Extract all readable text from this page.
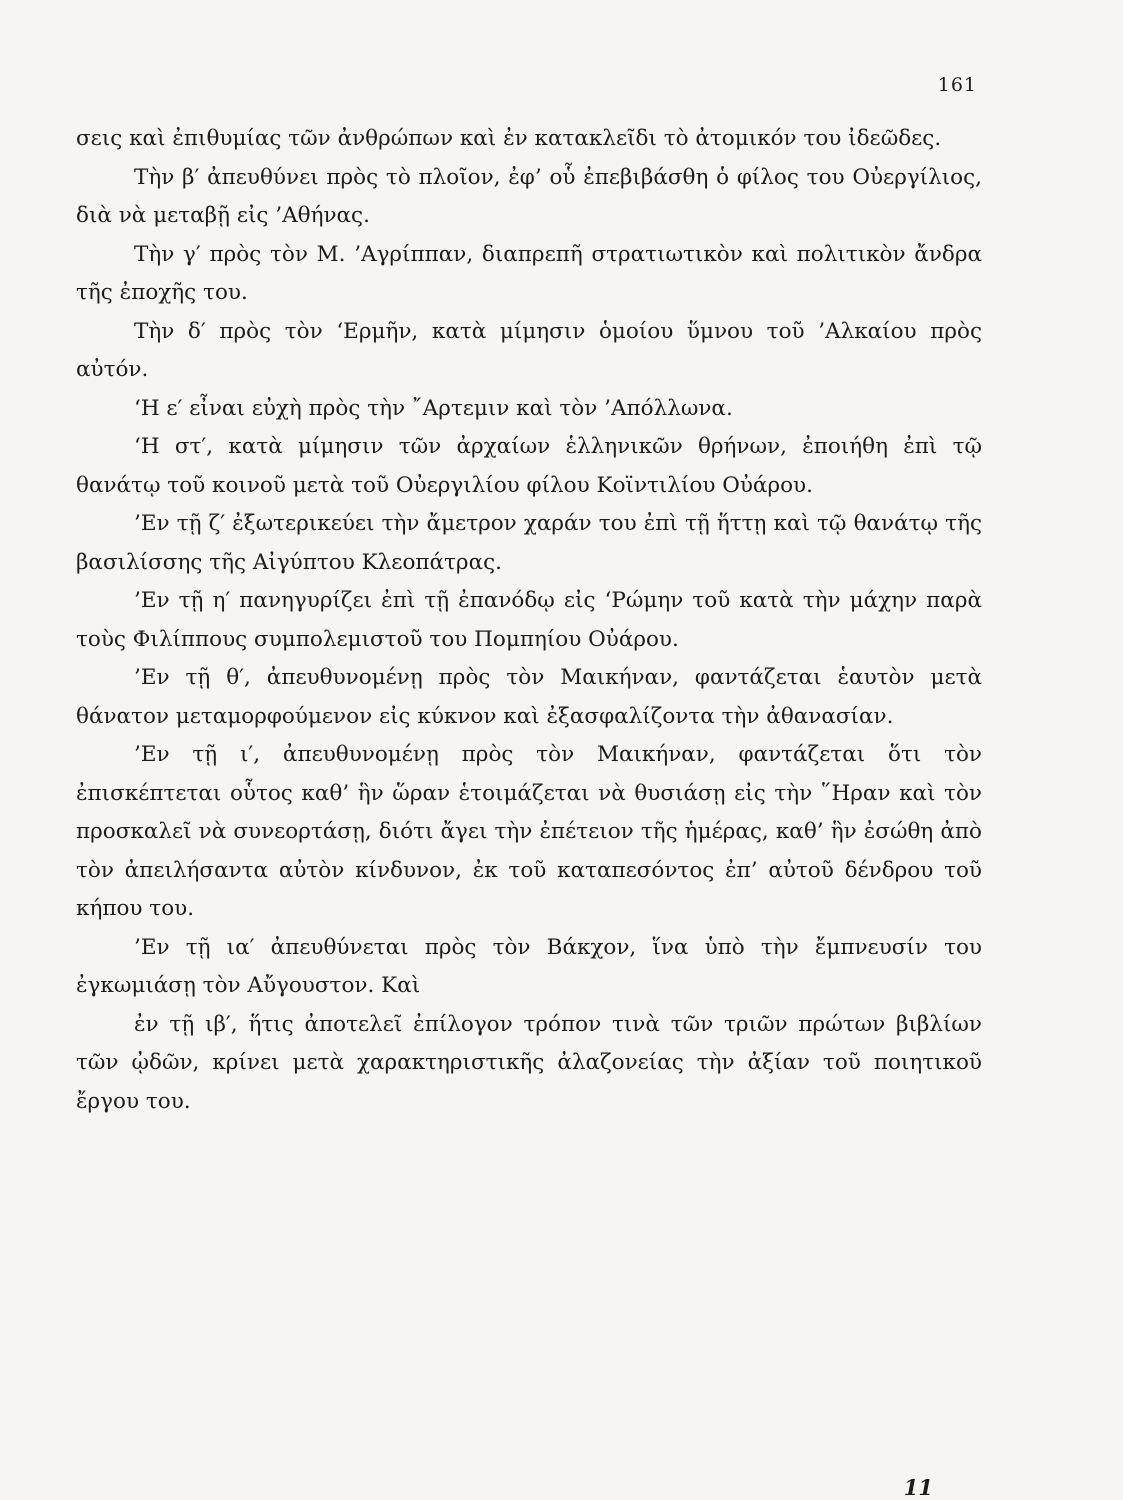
161

σεις καὶ ἐπιθυμίας τῶν ἀνθρώπων καὶ ἐν κατακλεῖδι τὸ ἀτομικόν του ἰδεῶδες.

Τὴν β′ ἀπευθύνει πρὸς τὸ πλοῖον, ἐφ’ οὗ ἐπεβιβάσθη ὁ φίλος του Οὐεργίλιος, διὰ νὰ μεταβῇ εἰς ’Αθήνας.

Τὴν γ′ πρὸς τὸν Μ. ’Αγρίππαν, διαπρεπῆ στρατιωτικὸν καὶ πολιτικὸν ἄνδρα τῆς ἐποχῆς του.

Τὴν δ′ πρὸς τὸν ‘Ερμῆν, κατὰ μίμησιν ὁμοίου ὕμνου τοῦ ’Αλκαίου πρὸς αὐτόν.

‘Η ε′ εἶναι εὐχὴ πρὸς τὴν ῎Αρτεμιν καὶ τὸν ’Απόλλωνα.

‘Η στ′, κατὰ μίμησιν τῶν ἀρχαίων ἑλληνικῶν θρήνων, ἐποιήθη ἐπὶ τῷ θανάτῳ τοῦ κοινοῦ μετὰ τοῦ Οὐεργιλίου φίλου Κοϊντιλίου Οὐάρου.

’Εν τῇ ζ′ ἐξωτερικεύει τὴν ἄμετρον χαράν του ἐπὶ τῇ ἥττῃ καὶ τῷ θανάτῳ τῆς βασιλίσσης τῆς Αἰγύπτου Κλεοπάτρας.

’Εν τῇ η′ πανηγυρίζει ἐπὶ τῇ ἐπανόδῳ εἰς ‘Ρώμην τοῦ κατὰ τὴν μάχην παρὰ τοὺς Φιλίππους συμπολεμιστοῦ του Πομπηίου Οὐάρου.

’Εν τῇ θ′, ἀπευθυνομένῃ πρὸς τὸν Μαικήναν, φαντάζεται ἑαυτὸν μετὰ θάνατον μεταμορφούμενον εἰς κύκνον καὶ ἐξασφαλίζοντα τὴν ἀθανασίαν.

’Εν τῇ ι′, ἀπευθυνομένῃ πρὸς τὸν Μαικήναν, φαντάζεται ὅτι τὸν ἐπισκέπτεται οὗτος καθ’ ἣν ὥραν ἑτοιμάζεται νὰ θυσιάσῃ εἰς τὴν ῞Ηραν καὶ τὸν προσκαλεῖ νὰ συνεορτάσῃ, διότι ἄγει τὴν ἐπέτειον τῆς ἡμέρας, καθ’ ἣν ἐσώθη ἀπὸ τὸν ἀπειλήσαντα αὐτὸν κίνδυνον, ἐκ τοῦ καταπεσόντος ἐπ’ αὐτοῦ δένδρου τοῦ κήπου του.

’Εν τῇ ια′ ἀπευθύνεται πρὸς τὸν Βάκχον, ἵνα ὑπὸ τὴν ἔμπνευσίν του ἐγκωμιάσῃ τὸν Αὔγουστον. Καὶ

ἐν τῇ ιβ′, ἥτις ἀποτελεῖ ἐπίλογον τρόπον τινὰ τῶν τριῶν πρώτων βιβλίων τῶν ᾠδῶν, κρίνει μετὰ χαρακτηριστικῆς ἀλαζονείας τὴν ἀξίαν τοῦ ποιητικοῦ ἔργου του.

11
